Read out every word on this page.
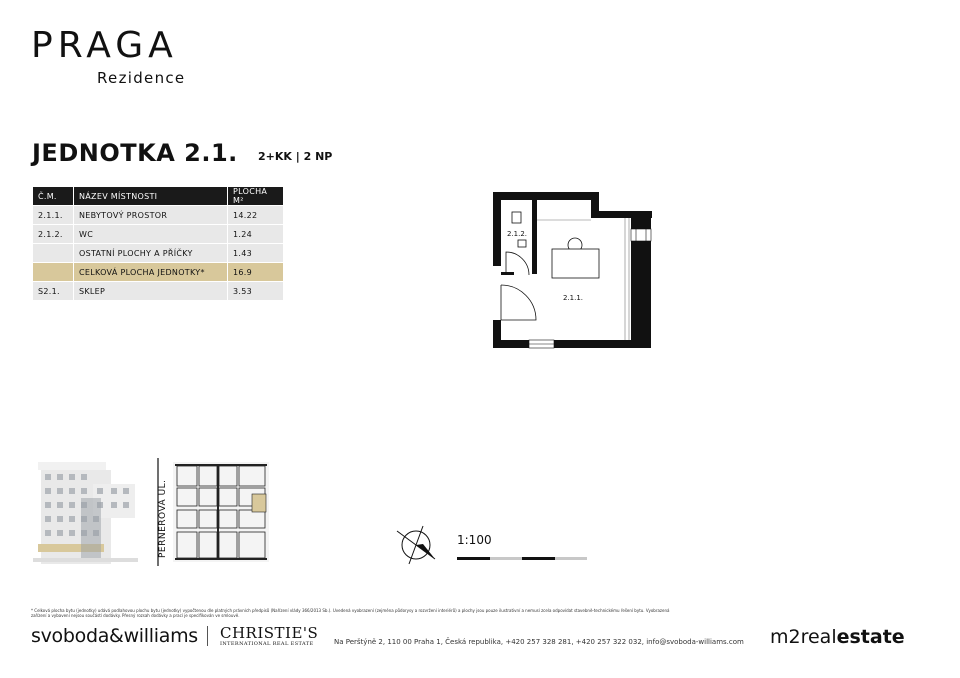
PRAGA
Rezidence
JEDNOTKA 2.1. 2+KK | 2 NP
Č.M.	NÁZEV MÍSTNOSTI	PLOCHA M²
2.1.1.	NEBYTOVÝ PROSTOR	14.22
2.1.2.	WC	1.24
	OSTATNÍ PLOCHY A PŘÍČKY	1.43
	CELKOVÁ PLOCHA JEDNOTKY*	16.9
S2.1.	SKLEP	3.53
2.1.2.
2.1.1.
PERNEROVA UL.	1:100
* Celková plocha bytu (jednotky) udává podlahovou plochu bytu (jednotky) vypočtenou dle platných právních předpisů (Nařízení vlády 366/2013 Sb.). Uvedená vyobrazení (zejména půdorysy a rozvržení interiérů) a plochy jsou pouze ilustrativní a nemusí zcela odpovídat stavebně-technickému řešení bytu. Vyobrazená zařízení a vybavení nejsou součástí dodávky. Přesný rozsah dodávky a prací je specifikován ve smlouvě.
svoboda&williams CHRISTIE'S
INTERNATIONAL REAL ESTATE	Na Perštýně 2, 110 00 Praha 1, Česká republika, +420 257 328 281, +420 257 322 032, info@svoboda-williams.com m2realestate
